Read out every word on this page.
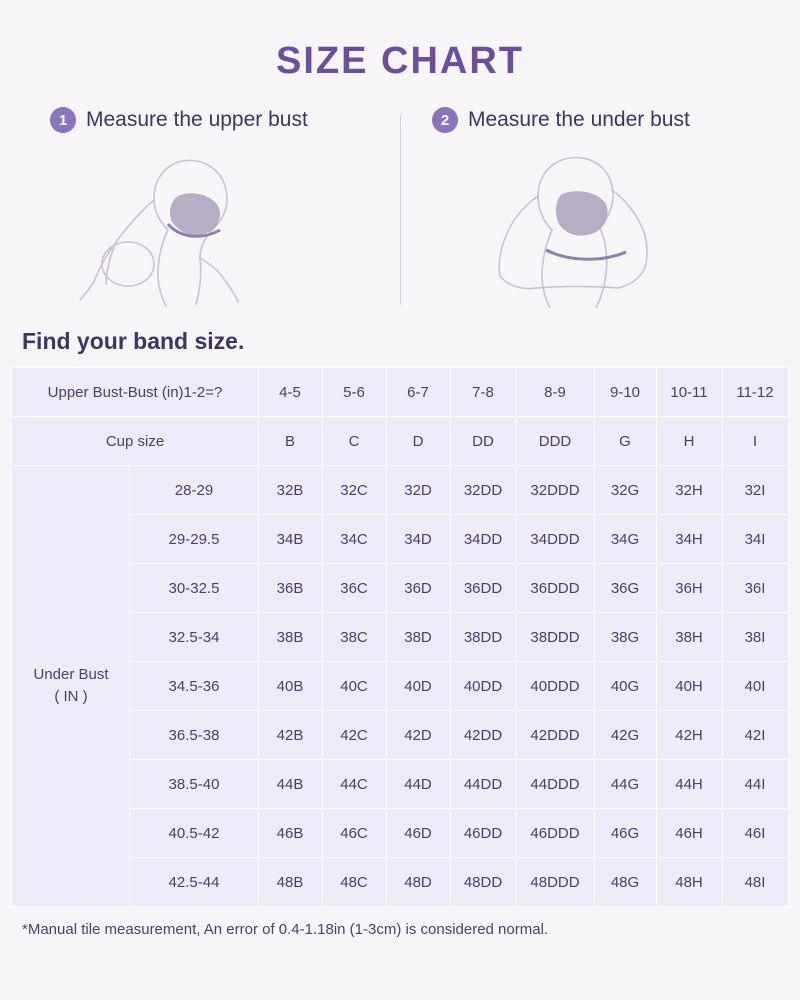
SIZE CHART
1 Measure the upper bust	2 Measure the under bust
Find your band size.
Upper Bust-Bust (in)1-2=?		4-5	5-6	6-7	7-8	8-9	9-10	10-11	11-12
Cup size		B	C	D	DD	DDD	G	H	I
Under Bust
( IN )	28-29	32B	32C	32D	32DD	32DDD	32G	32H	32I
	29-29.5	34B	34C	34D	34DD	34DDD	34G	34H	34I
	30-32.5	36B	36C	36D	36DD	36DDD	36G	36H	36I
	32.5-34	38B	38C	38D	38DD	38DDD	38G	38H	38I
	34.5-36	40B	40C	40D	40DD	40DDD	40G	40H	40I
	36.5-38	42B	42C	42D	42DD	42DDD	42G	42H	42I
	38.5-40	44B	44C	44D	44DD	44DDD	44G	44H	44I
	40.5-42	46B	46C	46D	46DD	46DDD	46G	46H	46I
	42.5-44	48B	48C	48D	48DD	48DDD	48G	48H	48I
*Manual tile measurement, An error of 0.4-1.18in (1-3cm) is considered normal.
